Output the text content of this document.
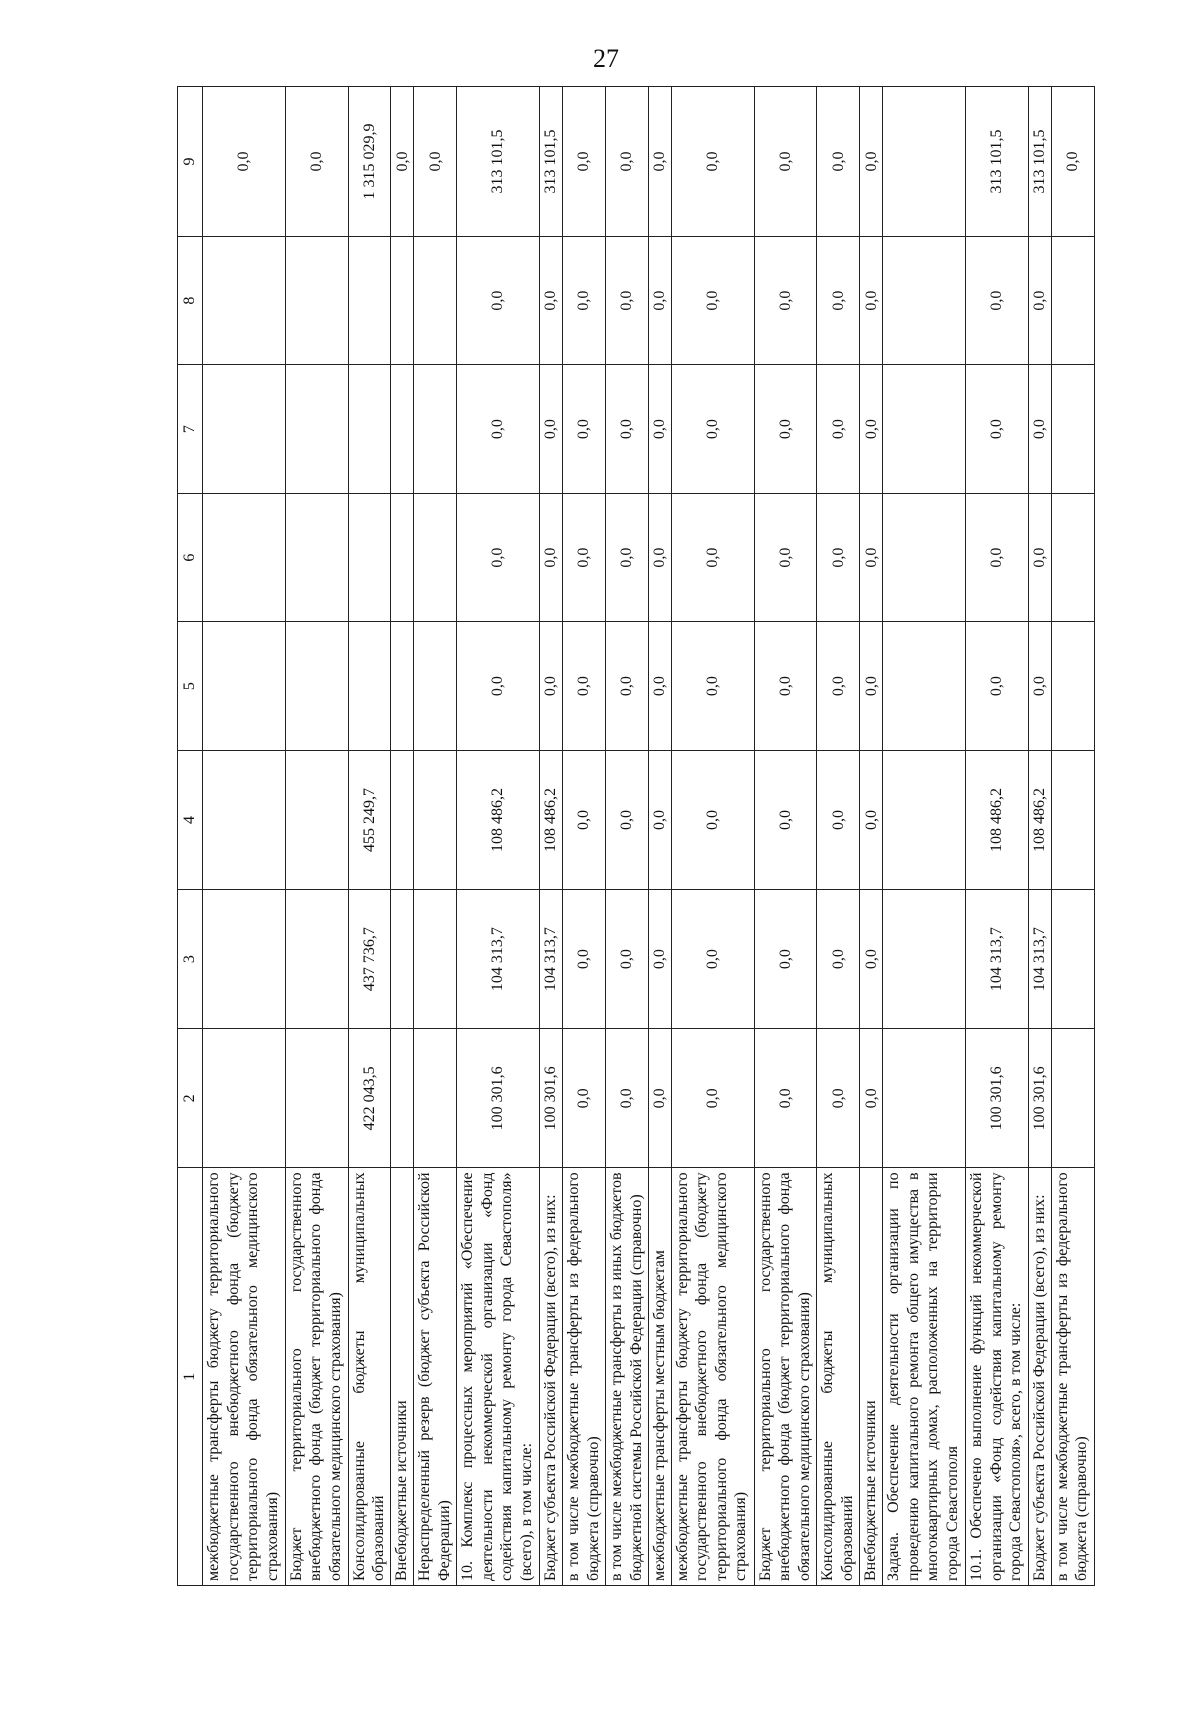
27
1	2	3	4	5	6	7	8	9
межбюджетные трансферты бюджету территориального государственного внебюджетного фонда (бюджету территориального фонда обязательного медицинского страхования)								0,0
Бюджет территориального государственного внебюджетного фонда (бюджет территориального фонда обязательного медицинского страхования)								0,0
Консолидированные бюджеты муниципальных образований	422 043,5	437 736,7	455 249,7					1 315 029,9
Внебюджетные источники								0,0
Нераспределенный резерв (бюджет субъекта Российской Федерации)								0,0
10. Комплекс процессных мероприятий «Обеспечение деятельности некоммерческой организации «Фонд содействия капитальному ремонту города Севастополя» (всего), в том числе:	100 301,6	104 313,7	108 486,2	0,0	0,0	0,0	0,0	313 101,5
Бюджет субъекта Российской Федерации (всего), из них:	100 301,6	104 313,7	108 486,2	0,0	0,0	0,0	0,0	313 101,5
в том числе межбюджетные трансферты из федерального бюджета (справочно)	0,0	0,0	0,0	0,0	0,0	0,0	0,0	0,0
в том числе межбюджетные трансферты из иных бюджетов бюджетной системы Российской Федерации (справочно)	0,0	0,0	0,0	0,0	0,0	0,0	0,0	0,0
межбюджетные трансферты местным бюджетам	0,0	0,0	0,0	0,0	0,0	0,0	0,0	0,0
межбюджетные трансферты бюджету территориального государственного внебюджетного фонда (бюджету территориального фонда обязательного медицинского страхования)	0,0	0,0	0,0	0,0	0,0	0,0	0,0	0,0
Бюджет территориального государственного внебюджетного фонда (бюджет территориального фонда обязательного медицинского страхования)	0,0	0,0	0,0	0,0	0,0	0,0	0,0	0,0
Консолидированные бюджеты муниципальных образований	0,0	0,0	0,0	0,0	0,0	0,0	0,0	0,0
Внебюджетные источники	0,0	0,0	0,0	0,0	0,0	0,0	0,0	0,0
Задача. Обеспечение деятельности организации по проведению капитального ремонта общего имущества в многоквартирных домах, расположенных на территории города Севастополя								
10.1. Обеспечено выполнение функций некоммерческой организации «Фонд содействия капитальному ремонту города Севастополя», всего, в том числе:	100 301,6	104 313,7	108 486,2	0,0	0,0	0,0	0,0	313 101,5
Бюджет субъекта Российской Федерации (всего), из них:	100 301,6	104 313,7	108 486,2	0,0	0,0	0,0	0,0	313 101,5
в том числе межбюджетные трансферты из федерального бюджета (справочно)								0,0
